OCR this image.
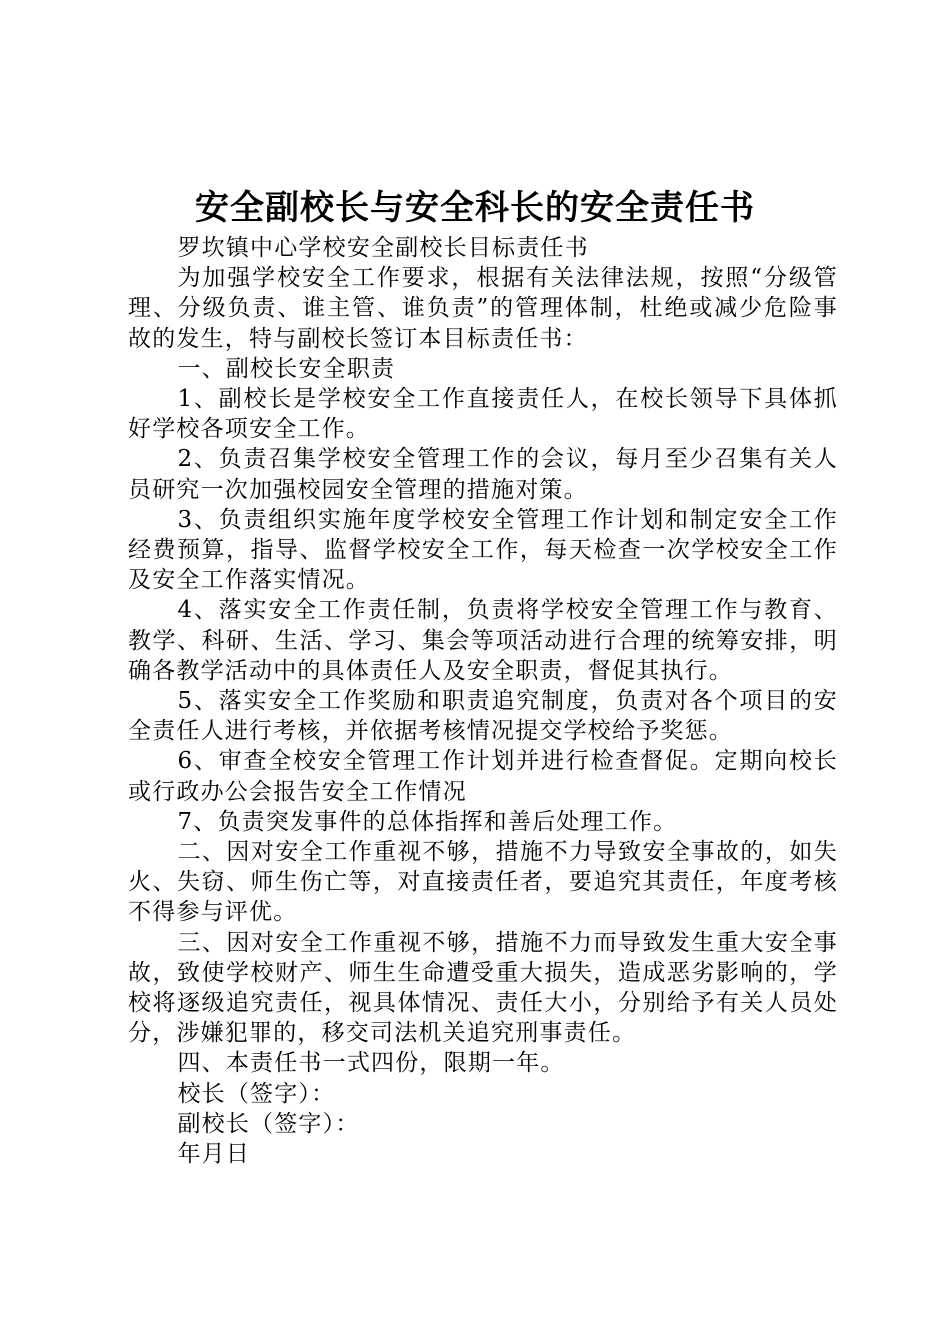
安全副校长与安全科长的安全责任书

罗坎镇中心学校安全副校长目标责任书

为加强学校安全工作要求，根据有关法律法规，按照“分级管理、分级负责、谁主管、谁负责”的管理体制，杜绝或减少危险事故的发生，特与副校长签订本目标责任书：

一、副校长安全职责

1、副校长是学校安全工作直接责任人，在校长领导下具体抓好学校各项安全工作。

2、负责召集学校安全管理工作的会议，每月至少召集有关人员研究一次加强校园安全管理的措施对策。

3、负责组织实施年度学校安全管理工作计划和制定安全工作经费预算，指导、监督学校安全工作，每天检查一次学校安全工作及安全工作落实情况。

4、落实安全工作责任制，负责将学校安全管理工作与教育、教学、科研、生活、学习、集会等项活动进行合理的统筹安排，明确各教学活动中的具体责任人及安全职责，督促其执行。

5、落实安全工作奖励和职责追究制度，负责对各个项目的安全责任人进行考核，并依据考核情况提交学校给予奖惩。

6、审查全校安全管理工作计划并进行检查督促。定期向校长或行政办公会报告安全工作情况

7、负责突发事件的总体指挥和善后处理工作。

二、因对安全工作重视不够，措施不力导致安全事故的，如失火、失窃、师生伤亡等，对直接责任者，要追究其责任，年度考核不得参与评优。

三、因对安全工作重视不够，措施不力而导致发生重大安全事故，致使学校财产、师生生命遭受重大损失，造成恶劣影响的，学校将逐级追究责任，视具体情况、责任大小，分别给予有关人员处分，涉嫌犯罪的，移交司法机关追究刑事责任。

四、本责任书一式四份，限期一年。

校长（签字）：

副校长（签字）：

年月日
